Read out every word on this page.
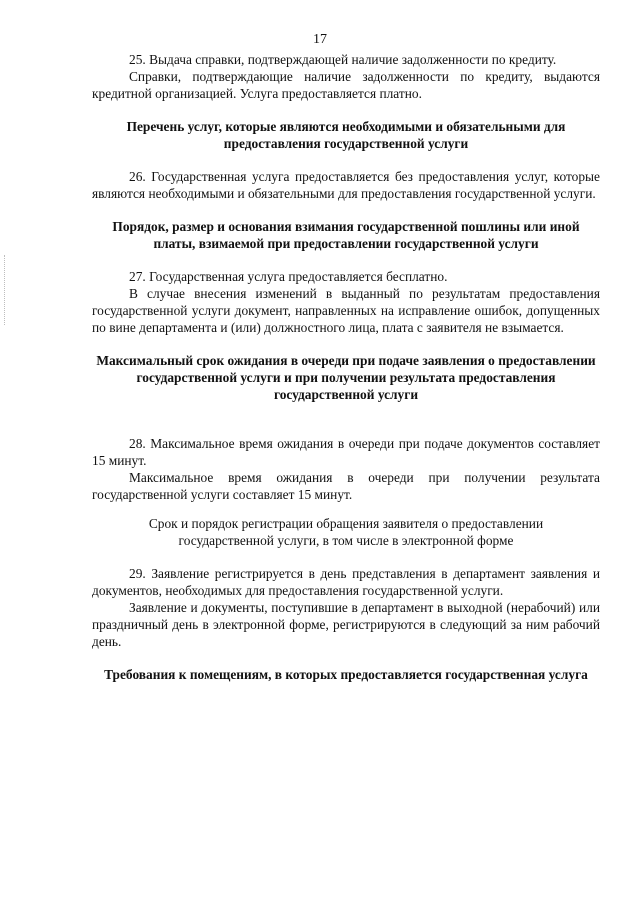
17

25. Выдача справки, подтверждающей наличие задолженности по кредиту.

Справки, подтверждающие наличие задолженности по кредиту, выдаются кредитной организацией. Услуга предоставляется платно.

Перечень услуг, которые являются необходимыми и обязательными для предоставления государственной услуги

26. Государственная услуга предоставляется без предоставления услуг, которые являются необходимыми и обязательными для предоставления государственной услуги.

Порядок, размер и основания взимания государственной пошлины или иной платы, взимаемой при предоставлении государственной услуги

27. Государственная услуга предоставляется бесплатно.

В случае внесения изменений в выданный по результатам предоставления государственной услуги документ, направленных на исправление ошибок, допущенных по вине департамента и (или) должностного лица, плата с заявителя не взымается.

Максимальный срок ожидания в очереди при подаче заявления о предоставлении государственной услуги и при получении результата предоставления государственной услуги

28. Максимальное время ожидания в очереди при подаче документов составляет 15 минут.

Максимальное время ожидания в очереди при получении результата государственной услуги составляет 15 минут.

Срок и порядок регистрации обращения заявителя о предоставлении государственной услуги, в том числе в электронной форме

29. Заявление регистрируется в день представления в департамент заявления и документов, необходимых для предоставления государственной услуги.

Заявление и документы, поступившие в департамент в выходной (нерабочий) или праздничный день в электронной форме, регистрируются в следующий за ним рабочий день.

Требования к помещениям, в которых предоставляется государственная услуга
